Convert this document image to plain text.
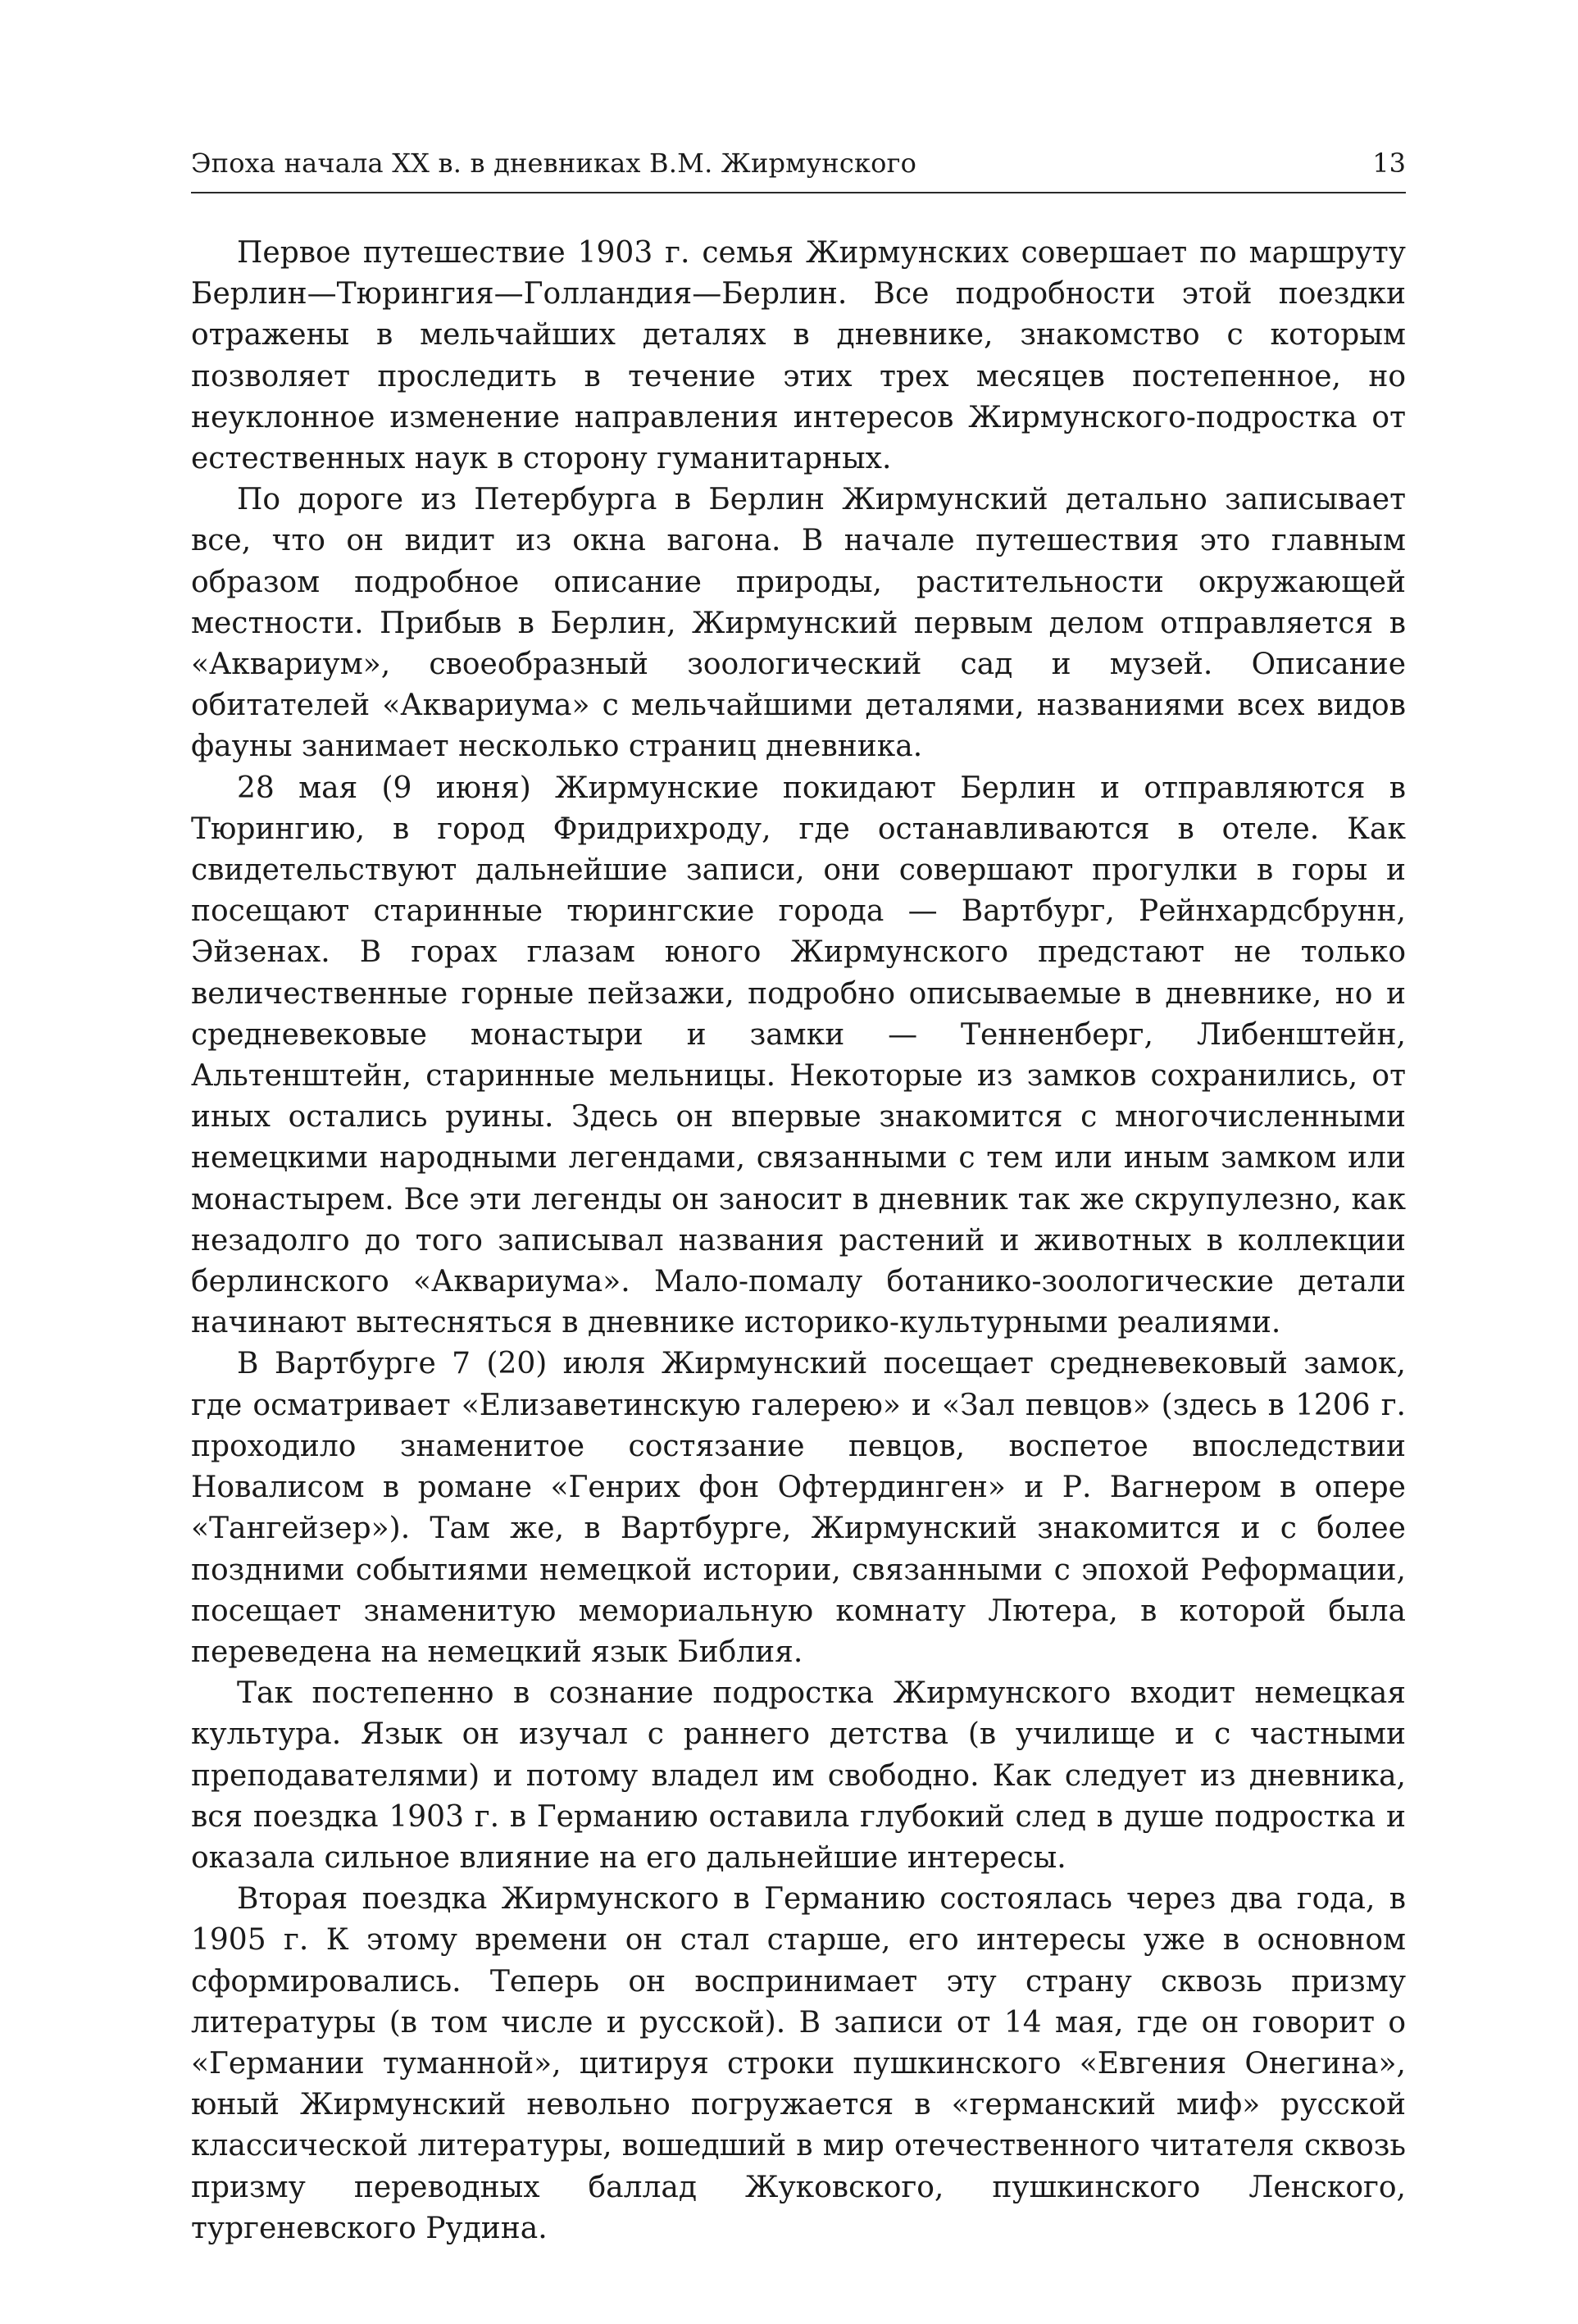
Эпоха начала XX в. в дневниках В.М. Жирмунского	13

Первое путешествие 1903 г. семья Жирмунских совершает по маршруту Берлин—Тюрингия—Голландия—Берлин. Все подробности этой поездки отражены в мельчайших деталях в дневнике, знакомство с которым позволяет проследить в течение этих трех месяцев постепенное, но неуклонное изменение направления интересов Жирмунского-подростка от естественных наук в сторону гуманитарных.

По дороге из Петербурга в Берлин Жирмунский детально записывает все, что он видит из окна вагона. В начале путешествия это главным образом подробное описание природы, растительности окружающей местности. Прибыв в Берлин, Жирмунский первым делом отправляется в «Аквариум», своеобразный зоологический сад и музей. Описание обитателей «Аквариума» с мельчайшими деталями, названиями всех видов фауны занимает несколько страниц дневника.

28 мая (9 июня) Жирмунские покидают Берлин и отправляются в Тюрингию, в город Фридрихроду, где останавливаются в отеле. Как свидетельствуют дальнейшие записи, они совершают прогулки в горы и посещают старинные тюрингские города — Вартбург, Рейнхардсбрунн, Эйзенах. В горах глазам юного Жирмунского предстают не только величественные горные пейзажи, подробно описываемые в дневнике, но и средневековые монастыри и замки — Тенненберг, Либенштейн, Альтенштейн, старинные мельницы. Некоторые из замков сохранились, от иных остались руины. Здесь он впервые знакомится с многочисленными немецкими народными легендами, связанными с тем или иным замком или монастырем. Все эти легенды он заносит в дневник так же скрупулезно, как незадолго до того записывал названия растений и животных в коллекции берлинского «Аквариума». Мало-помалу ботанико-зоологические детали начинают вытесняться в дневнике историко-культурными реалиями.

В Вартбурге 7 (20) июля Жирмунский посещает средневековый замок, где осматривает «Елизаветинскую галерею» и «Зал певцов» (здесь в 1206 г. проходило знаменитое состязание певцов, воспетое впоследствии Новалисом в романе «Генрих фон Офтердинген» и Р. Вагнером в опере «Тангейзер»). Там же, в Вартбурге, Жирмунский знакомится и с более поздними событиями немецкой истории, связанными с эпохой Реформации, посещает знаменитую мемориальную комнату Лютера, в которой была переведена на немецкий язык Библия.

Так постепенно в сознание подростка Жирмунского входит немецкая культура. Язык он изучал с раннего детства (в училище и с частными преподавателями) и потому владел им свободно. Как следует из дневника, вся поездка 1903 г. в Германию оставила глубокий след в душе подростка и оказала сильное влияние на его дальнейшие интересы.

Вторая поездка Жирмунского в Германию состоялась через два года, в 1905 г. К этому времени он стал старше, его интересы уже в основном сформировались. Теперь он воспринимает эту страну сквозь призму литературы (в том числе и русской). В записи от 14 мая, где он говорит о «Германии туманной», цитируя строки пушкинского «Евгения Онегина», юный Жирмунский невольно погружается в «германский миф» русской классической литературы, вошедший в мир отечественного читателя сквозь призму переводных баллад Жуковского, пушкинского Ленского, тургеневского Рудина.
